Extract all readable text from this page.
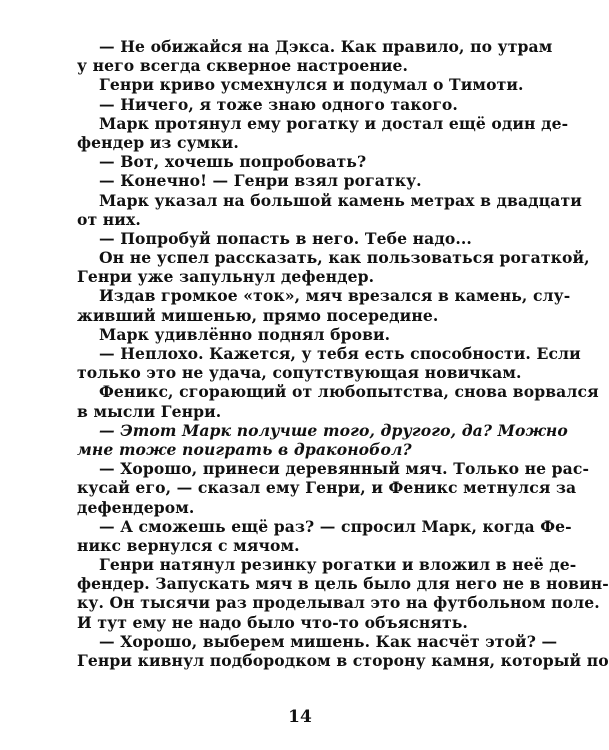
— Не обижайся на Дэкса. Как правило, по утрам
у него всегда скверное настроение.
Генри криво усмехнулся и подумал о Тимоти.
— Ничего, я тоже знаю одного такого.
Марк протянул ему рогатку и достал ещё один де-
фендер из сумки.
— Вот, хочешь попробовать?
— Конечно! — Генри взял рогатку.
Марк указал на большой камень метрах в двадцати
от них.
— Попробуй попасть в него. Тебе надо...
Он не успел рассказать, как пользоваться рогаткой,
Генри уже запульнул дефендер.
Издав громкое «ток», мяч врезался в камень, слу-
живший мишенью, прямо посередине.
Марк удивлённо поднял брови.
— Неплохо. Кажется, у тебя есть способности. Если
только это не удача, сопутствующая новичкам.
Феникс, сгорающий от любопытства, снова ворвался
в мысли Генри.
— Этот Марк получше того, другого, да? Можно
мне тоже поиграть в драконобол?
— Хорошо, принеси деревянный мяч. Только не рас-
кусай его, — сказал ему Генри, и Феникс метнулся за
дефендером.
— А сможешь ещё раз? — спросил Марк, когда Фе-
никс вернулся с мячом.
Генри натянул резинку рогатки и вложил в неё де-
фендер. Запускать мяч в цель было для него не в новин-
ку. Он тысячи раз проделывал это на футбольном поле.
И тут ему не надо было что-то объяснять.
— Хорошо, выберем мишень. Как насчёт этой? —
Генри кивнул подбородком в сторону камня, который по
14
